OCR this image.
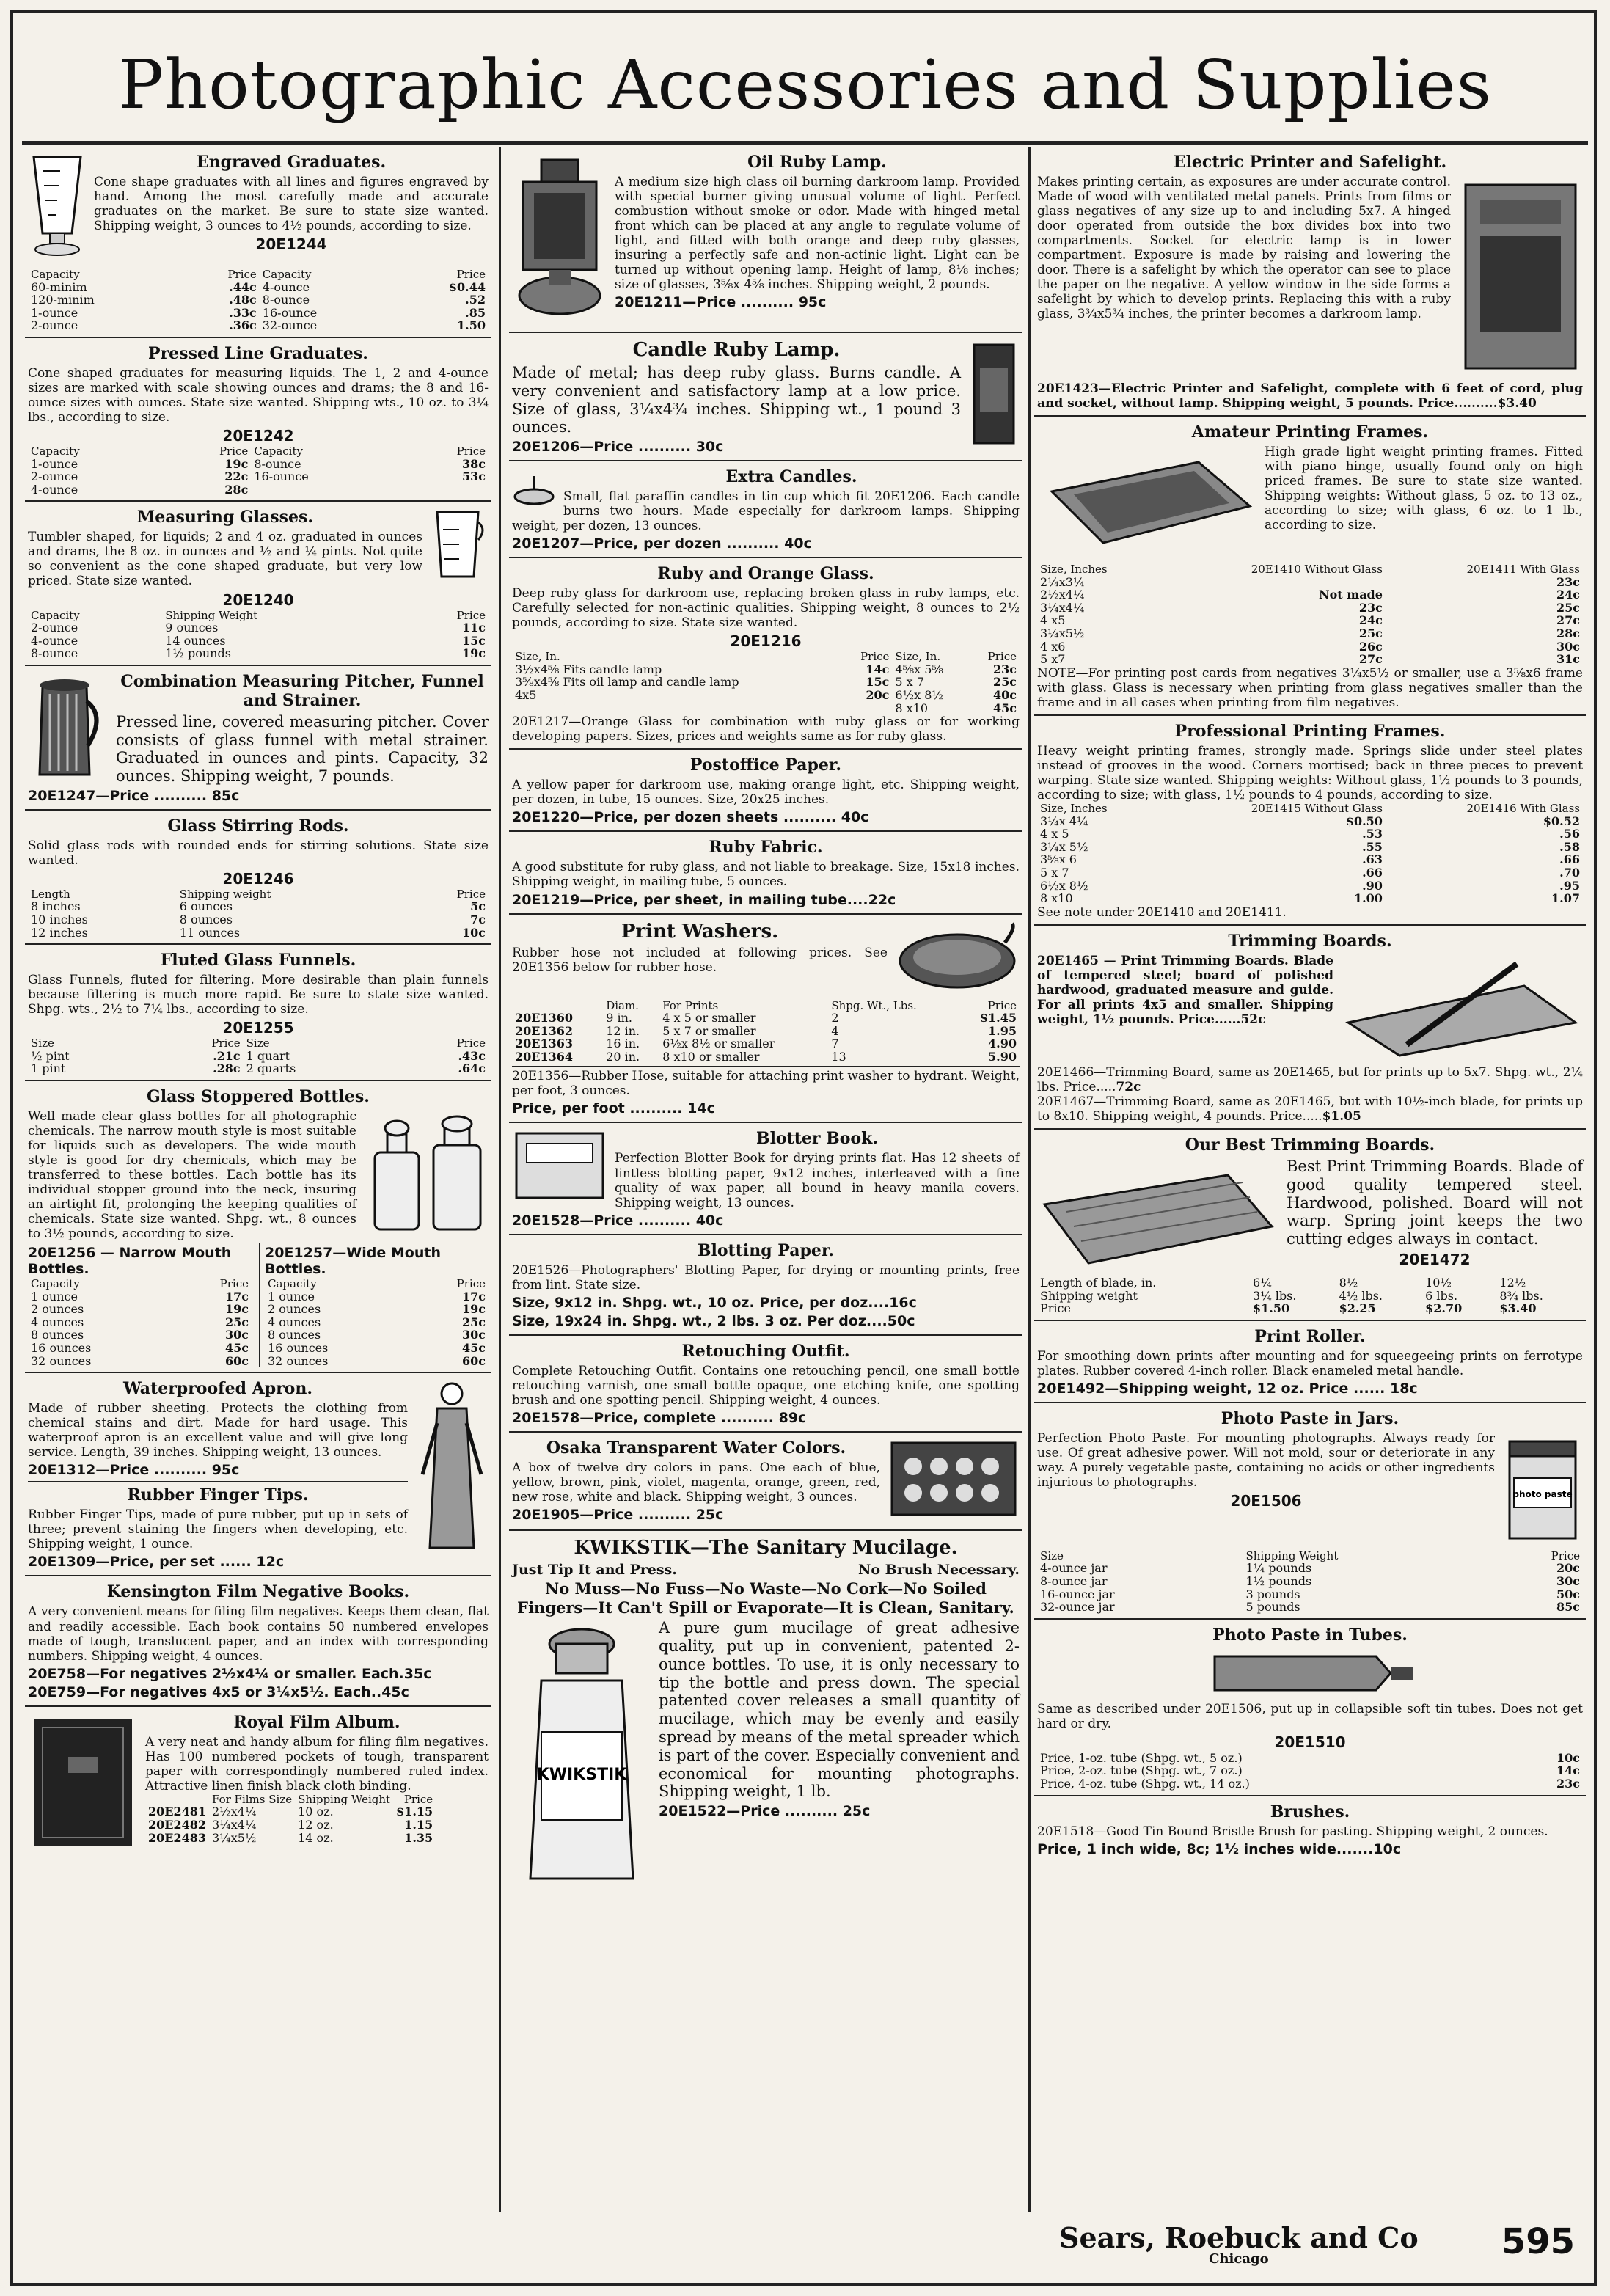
Photographic Accessories and Supplies
Engraved Graduates.

Cone shape graduates with all lines and figures engraved by hand. Among the most carefully made and accurate graduates on the market. Be sure to state size wanted. Shipping weight, 3 ounces to 4½ pounds, according to size.

20E1244
Capacity	Price	Capacity	Price
60-minim	.44c	4-ounce	$0.44
120-minim	.48c	8-ounce	.52
1-ounce	.33c	16-ounce	.85
2-ounce	.36c	32-ounce	1.50
Pressed Line Graduates.

Cone shaped graduates for measuring liquids. The 1, 2 and 4-ounce sizes are marked with scale showing ounces and drams; the 8 and 16-ounce sizes with ounces. State size wanted. Shipping wts., 10 oz. to 3¼ lbs., according to size.

20E1242
Capacity	Price	Capacity	Price
1-ounce	19c	8-ounce	38c
2-ounce	22c	16-ounce	53c
4-ounce	28c		
Measuring Glasses.

Tumbler shaped, for liquids; 2 and 4 oz. graduated in ounces and drams, the 8 oz. in ounces and ½ and ¼ pints. Not quite so convenient as the cone shaped graduate, but very low priced. State size wanted.

20E1240
Capacity	Shipping Weight	Price
2-ounce	9 ounces	11c
4-ounce	14 ounces	15c
8-ounce	1½ pounds	19c
Combination Measuring Pitcher, Funnel and Strainer.

Pressed line, covered measuring pitcher. Cover consists of glass funnel with metal strainer. Graduated in ounces and pints. Capacity, 32 ounces. Shipping weight, 7 pounds.

20E1247—Price .......... 85c
Glass Stirring Rods.

Solid glass rods with rounded ends for stirring solutions. State size wanted.

20E1246
Length	Shipping weight	Price
8 inches	6 ounces	5c
10 inches	8 ounces	7c
12 inches	11 ounces	10c
Fluted Glass Funnels.

Glass Funnels, fluted for filtering. More desirable than plain funnels because filtering is much more rapid. Be sure to state size wanted. Shpg. wts., 2½ to 7¼ lbs., according to size.

20E1255
Size	Price	Size	Price
½ pint	.21c	1 quart	.43c
1 pint	.28c	2 quarts	.64c
Glass Stoppered Bottles.

Well made clear glass bottles for all photographic chemicals. The narrow mouth style is most suitable for liquids such as developers. The wide mouth style is good for dry chemicals, which may be transferred to these bottles. Each bottle has its individual stopper ground into the neck, insuring an airtight fit, prolonging the keeping qualities of chemicals. State size wanted. Shpg. wt., 8 ounces to 3½ pounds, according to size.

20E1256 — Narrow Mouth Bottles.
Capacity	Price
1 ounce	17c
2 ounces	19c
4 ounces	25c
8 ounces	30c
16 ounces	45c
32 ounces	60c
20E1257—Wide Mouth Bottles.
Capacity	Price
1 ounce	17c
2 ounces	19c
4 ounces	25c
8 ounces	30c
16 ounces	45c
32 ounces	60c
Waterproofed Apron.

Made of rubber sheeting. Protects the clothing from chemical stains and dirt. Made for hard usage. This waterproof apron is an excellent value and will give long service. Length, 39 inches. Shipping weight, 13 ounces.

20E1312—Price .......... 95c
Rubber Finger Tips.

Rubber Finger Tips, made of pure rubber, put up in sets of three; prevent staining the fingers when developing, etc. Shipping weight, 1 ounce.

20E1309—Price, per set ...... 12c
Kensington Film Negative Books.

A very convenient means for filing film negatives. Keeps them clean, flat and readily accessible. Each book contains 50 numbered envelopes made of tough, translucent paper, and an index with corresponding numbers. Shipping weight, 4 ounces.

20E758—For negatives 2½x4¼ or smaller. Each.35c
20E759—For negatives 4x5 or 3¼x5½. Each..45c
Royal Film Album.

A very neat and handy album for filing film negatives. Has 100 numbered pockets of tough, transparent paper with correspondingly numbered ruled index. Attractive linen finish black cloth binding.

	For Films Size	Shipping Weight	Price
20E2481	2½x4¼	10 oz.	$1.15
20E2482	3¼x4¼	12 oz.	1.15
20E2483	3¼x5½	14 oz.	1.35
Oil Ruby Lamp.

A medium size high class oil burning darkroom lamp. Provided with special burner giving unusual volume of light. Perfect combustion without smoke or odor. Made with hinged metal front which can be placed at any angle to regulate volume of light, and fitted with both orange and deep ruby glasses, insuring a perfectly safe and non-actinic light. Light can be turned up without opening lamp. Height of lamp, 8⅛ inches; size of glasses, 3⅝x 4⅝ inches. Shipping weight, 2 pounds.

20E1211—Price .......... 95c
Candle Ruby Lamp.

Made of metal; has deep ruby glass. Burns candle. A very convenient and satisfactory lamp at a low price. Size of glass, 3¼x4¾ inches. Shipping wt., 1 pound 3 ounces.

20E1206—Price .......... 30c
Extra Candles.

Small, flat paraffin candles in tin cup which fit 20E1206. Each candle burns two hours. Made especially for darkroom lamps. Shipping weight, per dozen, 13 ounces.

20E1207—Price, per dozen .......... 40c
Ruby and Orange Glass.

Deep ruby glass for darkroom use, replacing broken glass in ruby lamps, etc. Carefully selected for non-actinic qualities. Shipping weight, 8 ounces to 2½ pounds, according to size. State size wanted.

20E1216
Size, In.	Price	Size, In.	Price
3½x4⅝ Fits candle lamp	14c	4⅝x 5⅝	23c
3⅝x4⅝ Fits oil lamp and candle lamp	15c	5 x 7	25c
4x5	20c	6½x 8½	40c
		8 x10	45c

20E1217—Orange Glass for combination with ruby glass or for working developing papers. Sizes, prices and weights same as for ruby glass.

Postoffice Paper.

A yellow paper for darkroom use, making orange light, etc. Shipping weight, per dozen, in tube, 15 ounces. Size, 20x25 inches.

20E1220—Price, per dozen sheets .......... 40c
Ruby Fabric.

A good substitute for ruby glass, and not liable to breakage. Size, 15x18 inches. Shipping weight, in mailing tube, 5 ounces.

20E1219—Price, per sheet, in mailing tube....22c
Print Washers.

Rubber hose not included at following prices. See 20E1356 below for rubber hose.

	Diam.	For Prints	Shpg. Wt., Lbs.	Price
20E1360	9 in.	4 x 5 or smaller	2	$1.45
20E1362	12 in.	5 x 7 or smaller	4	1.95
20E1363	16 in.	6½x 8½ or smaller	7	4.90
20E1364	20 in.	8 x10 or smaller	13	5.90

20E1356—Rubber Hose, suitable for attaching print washer to hydrant. Weight, per foot, 3 ounces.

Price, per foot .......... 14c
Blotter Book.

Perfection Blotter Book for drying prints flat. Has 12 sheets of lintless blotting paper, 9x12 inches, interleaved with a fine quality of wax paper, all bound in heavy manila covers. Shipping weight, 13 ounces.

20E1528—Price .......... 40c
Blotting Paper.

20E1526—Photographers' Blotting Paper, for drying or mounting prints, free from lint. State size.

Size, 9x12 in. Shpg. wt., 10 oz. Price, per doz....16c
Size, 19x24 in. Shpg. wt., 2 lbs. 3 oz. Per doz....50c
Retouching Outfit.

Complete Retouching Outfit. Contains one retouching pencil, one small bottle retouching varnish, one small bottle opaque, one etching knife, one spotting brush and one spotting pencil. Shipping weight, 4 ounces.

20E1578—Price, complete .......... 89c
Osaka Transparent Water Colors.

A box of twelve dry colors in pans. One each of blue, yellow, brown, pink, violet, magenta, orange, green, red, new rose, white and black. Shipping weight, 3 ounces.

20E1905—Price .......... 25c
KWIKSTIK—The Sanitary Mucilage.
Just Tip It and Press.	No Brush Necessary.
No Muss—No Fuss—No Waste—No Cork—No Soiled Fingers—It Can't Spill or Evaporate—It is Clean, Sanitary.
KWIKSTIK

A pure gum mucilage of great adhesive quality, put up in convenient, patented 2-ounce bottles. To use, it is only necessary to tip the bottle and press down. The special patented cover releases a small quantity of mucilage, which may be evenly and easily spread by means of the metal spreader which is part of the cover. Especially convenient and economical for mounting photographs. Shipping weight, 1 lb.

20E1522—Price .......... 25c
Electric Printer and Safelight.

Makes printing certain, as exposures are under accurate control. Made of wood with ventilated metal panels. Prints from films or glass negatives of any size up to and including 5x7. A hinged door operated from outside the box divides box into two compartments. Socket for electric lamp is in lower compartment. Exposure is made by raising and lowering the door. There is a safelight by which the operator can see to place the paper on the negative. A yellow window in the side forms a safelight by which to develop prints. Replacing this with a ruby glass, 3¾x5¾ inches, the printer becomes a darkroom lamp.

20E1423—Electric Printer and Safelight, complete with 6 feet of cord, plug and socket, without lamp. Shipping weight, 5 pounds. Price..........$3.40

Amateur Printing Frames.

High grade light weight printing frames. Fitted with piano hinge, usually found only on high priced frames. Be sure to state size wanted. Shipping weights: Without glass, 5 oz. to 13 oz., according to size; with glass, 6 oz. to 1 lb., according to size.

Size, Inches	20E1410 Without Glass	20E1411 With Glass
2¼x3¼		23c
2½x4¼	Not made	24c
3¼x4¼	23c	25c
4 x5	24c	27c
3¼x5½	25c	28c
4 x6	26c	30c
5 x7	27c	31c

NOTE—For printing post cards from negatives 3¼x5½ or smaller, use a 3⅝x6 frame with glass. Glass is necessary when printing from glass negatives smaller than the frame and in all cases when printing from film negatives.

Professional Printing Frames.

Heavy weight printing frames, strongly made. Springs slide under steel plates instead of grooves in the wood. Corners mortised; back in three pieces to prevent warping. State size wanted. Shipping weights: Without glass, 1½ pounds to 3 pounds, according to size; with glass, 1½ pounds to 4 pounds, according to size.

Size, Inches	20E1415 Without Glass	20E1416 With Glass
3¼x 4¼	$0.50	$0.52
4 x 5	.53	.56
3¼x 5½	.55	.58
3⅝x 6	.63	.66
5 x 7	.66	.70
6½x 8½	.90	.95
8 x10	1.00	1.07

See note under 20E1410 and 20E1411.

Trimming Boards.

20E1465 — Print Trimming Boards. Blade of tempered steel; board of polished hardwood, graduated measure and guide. For all prints 4x5 and smaller. Shipping weight, 1½ pounds. Price......52c

20E1466—Trimming Board, same as 20E1465, but for prints up to 5x7. Shpg. wt., 2¼ lbs. Price.....72c

20E1467—Trimming Board, same as 20E1465, but with 10½-inch blade, for prints up to 8x10. Shipping weight, 4 pounds. Price.....$1.05

Our Best Trimming Boards.

Best Print Trimming Boards. Blade of good quality tempered steel. Hardwood, polished. Board will not warp. Spring joint keeps the two cutting edges always in contact.

20E1472
Length of blade, in.	6¼	8½	10½	12½
Shipping weight	3¼ lbs.	4½ lbs.	6 lbs.	8¾ lbs.
Price	$1.50	$2.25	$2.70	$3.40
Print Roller.

For smoothing down prints after mounting and for squeegeeing prints on ferrotype plates. Rubber covered 4-inch roller. Black enameled metal handle.

20E1492—Shipping weight, 12 oz. Price ...... 18c
Photo Paste in Jars.
photo paste

Perfection Photo Paste. For mounting photographs. Always ready for use. Of great adhesive power. Will not mold, sour or deteriorate in any way. A purely vegetable paste, containing no acids or other ingredients injurious to photographs.

20E1506
Size	Shipping Weight	Price
4-ounce jar	1¼ pounds	20c
8-ounce jar	1½ pounds	30c
16-ounce jar	3 pounds	50c
32-ounce jar	5 pounds	85c
Photo Paste in Tubes.

Same as described under 20E1506, put up in collapsible soft tin tubes. Does not get hard or dry.

20E1510
Price, 1-oz. tube (Shpg. wt., 5 oz.)	10c
Price, 2-oz. tube (Shpg. wt., 7 oz.)	14c
Price, 4-oz. tube (Shpg. wt., 14 oz.)	23c
Brushes.

20E1518—Good Tin Bound Bristle Brush for pasting. Shipping weight, 2 ounces.

Price, 1 inch wide, 8c; 1½ inches wide.......10c
Sears, Roebuck and Co
Chicago	595
